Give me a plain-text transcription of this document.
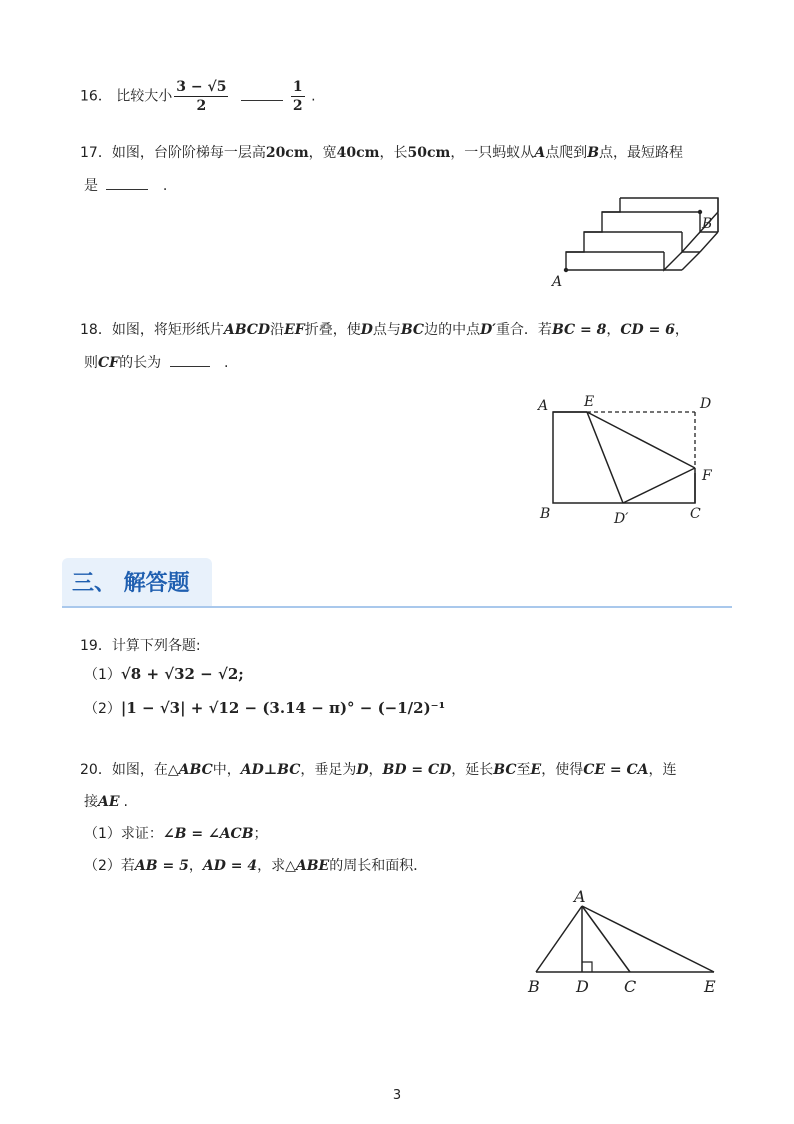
16． 比较大小 $\frac{3 - √5}{2}$
	$\frac{1}{2}$ .
17．如图，台阶阶梯每一层高20cm，宽40cm，长50cm，一只蚂蚁从A点爬到B点，最短路程
是	.
A
B
18．如图，将矩形纸片ABCD沿EF折叠，使D点与BC边的中点D′重合．若BC = 8，CD = 6，
则CF的长为	.
A	E	D
F
B	D′	C
三、 解答题
19．计算下列各题:
（1）√8 + √32 − √2;
（2）|1 − √3| + √12 − (3.14 − π)° − (−1/2)⁻¹
20．如图，在△ABC中，AD⊥BC，垂足为D，BD = CD，延长BC至E，使得CE = CA，连
接AE .
（1）求证：∠B = ∠ACB；
（2）若AB = 5，AD = 4，求△ABE的周长和面积．
A
B D C	E
3
